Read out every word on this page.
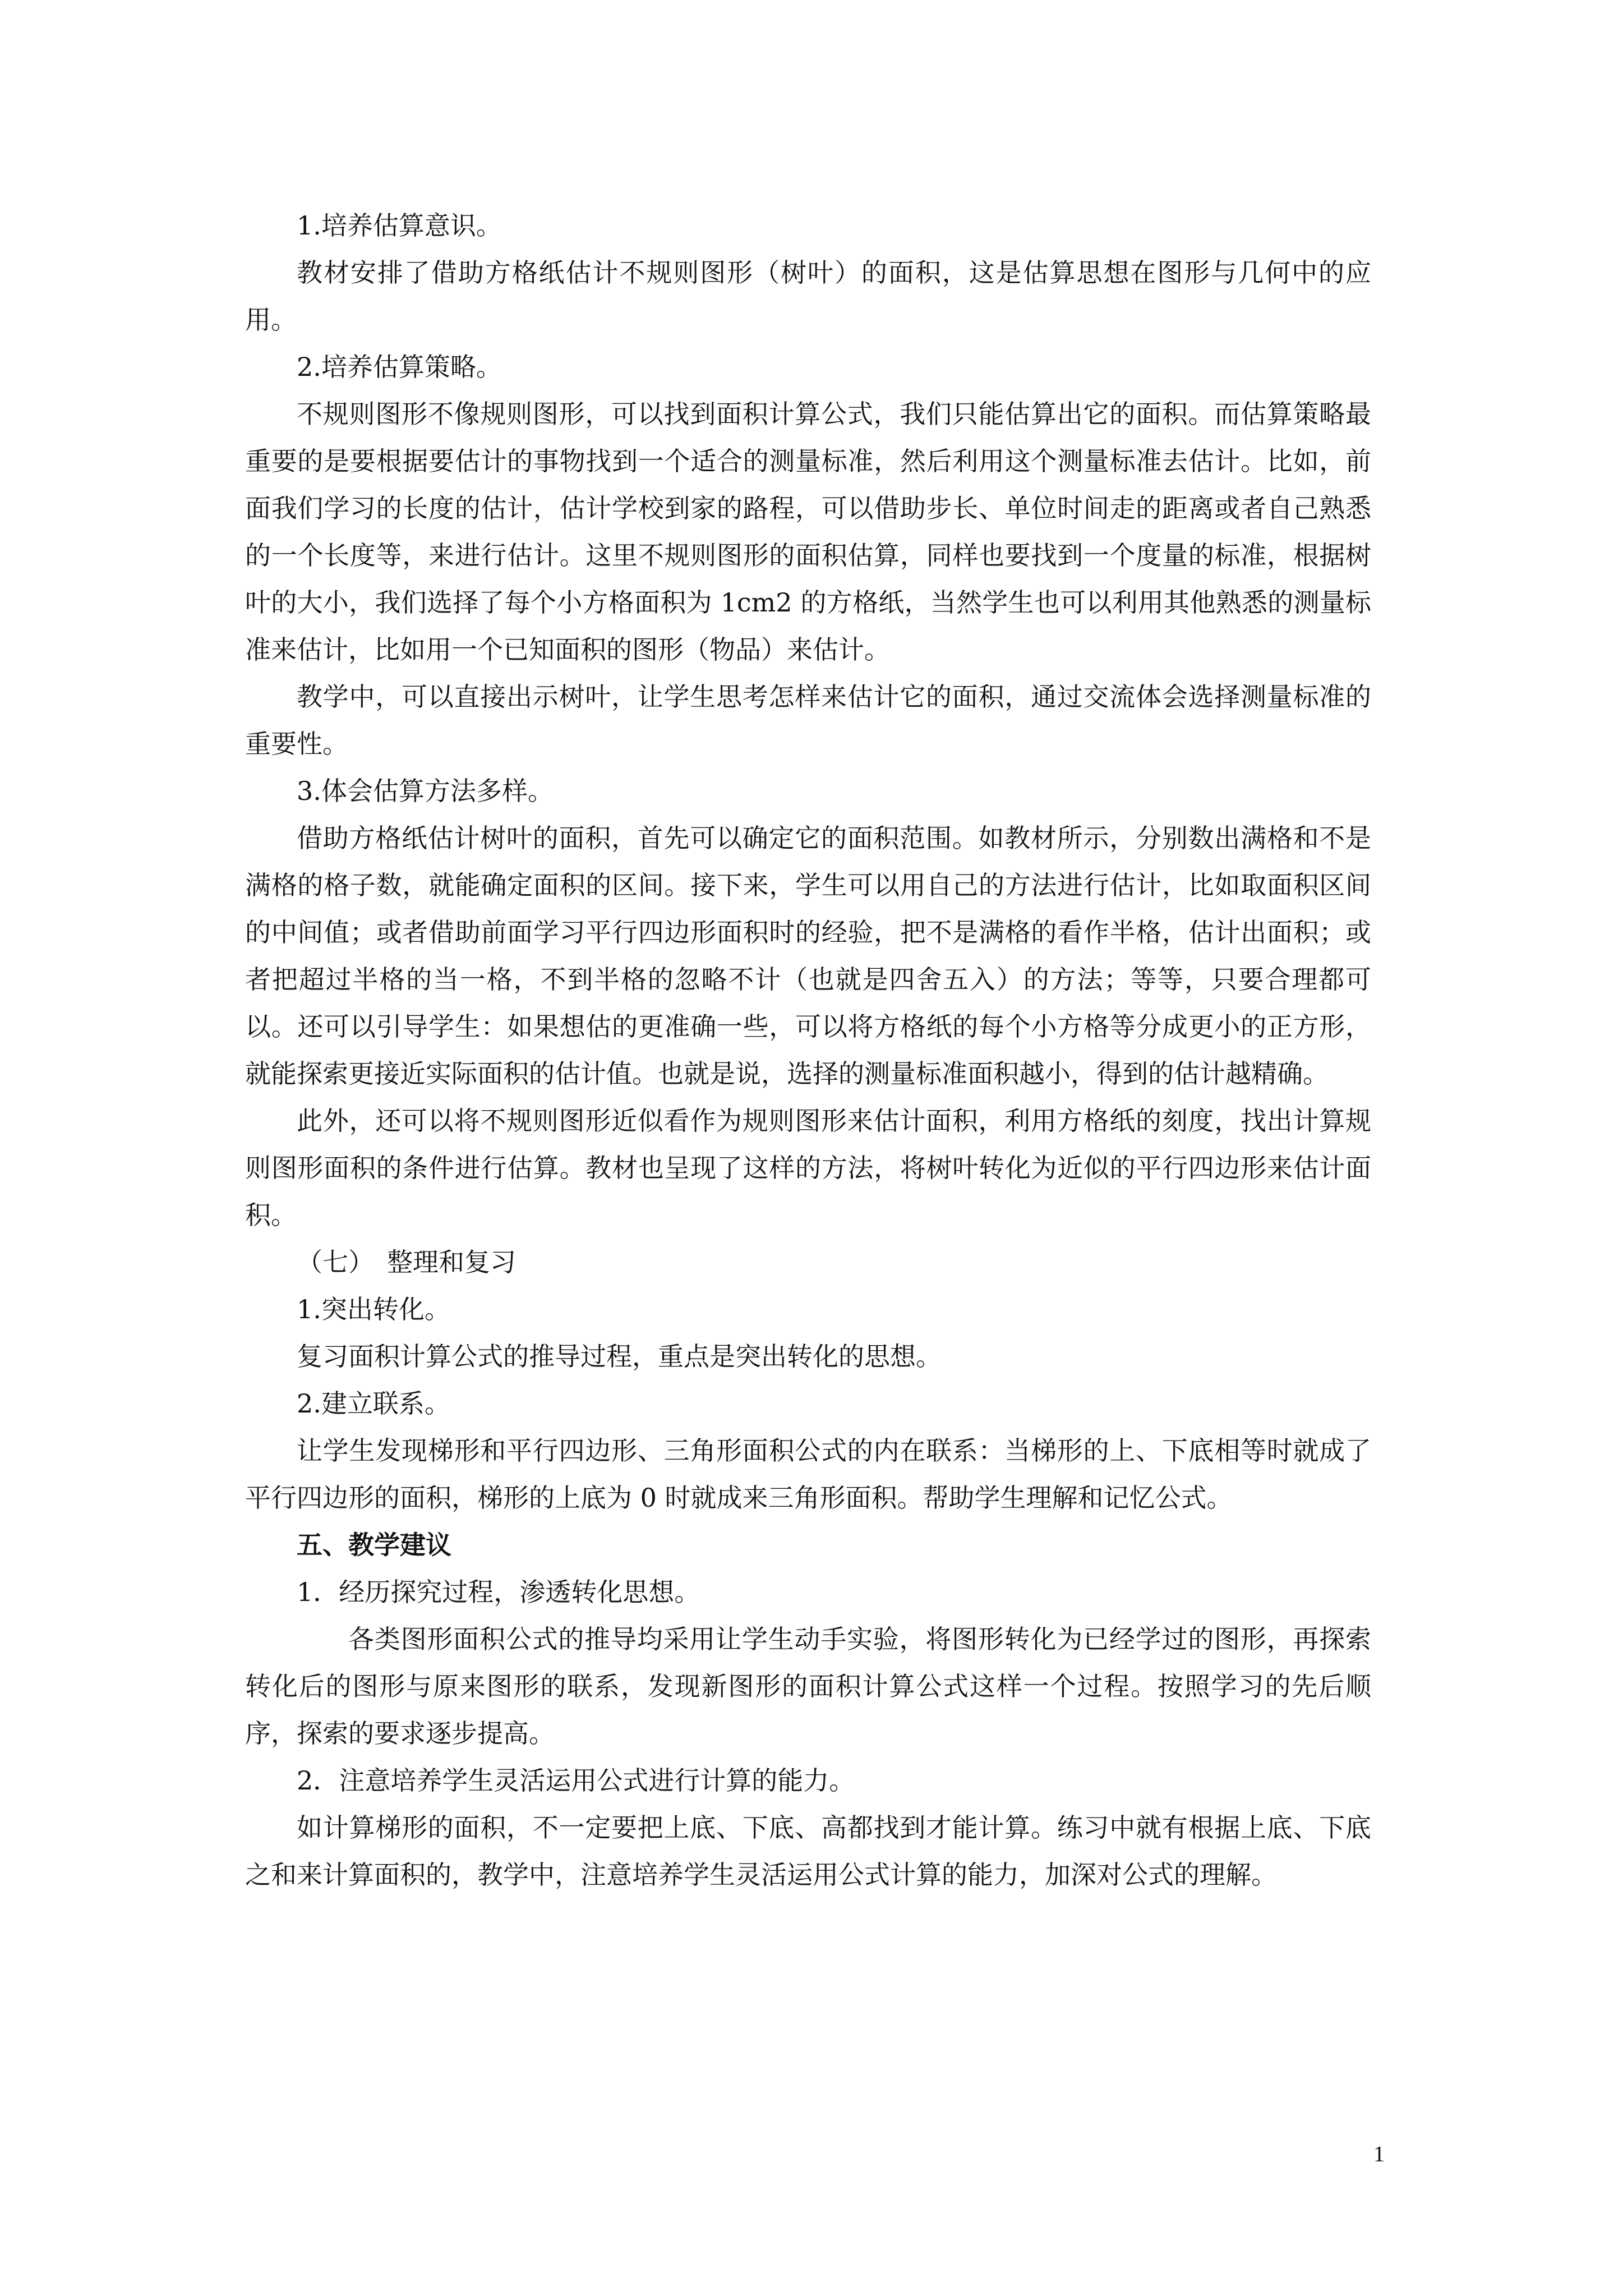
1.培养估算意识。

教材安排了借助方格纸估计不规则图形（树叶）的面积，这是估算思想在图形与几何中的应用。

2.培养估算策略。

不规则图形不像规则图形，可以找到面积计算公式，我们只能估算出它的面积。而估算策略最重要的是要根据要估计的事物找到一个适合的测量标准，然后利用这个测量标准去估计。比如，前面我们学习的长度的估计，估计学校到家的路程，可以借助步长、单位时间走的距离或者自己熟悉的一个长度等，来进行估计。这里不规则图形的面积估算，同样也要找到一个度量的标准，根据树叶的大小，我们选择了每个小方格面积为 1cm2 的方格纸，当然学生也可以利用其他熟悉的测量标准来估计，比如用一个已知面积的图形（物品）来估计。

教学中，可以直接出示树叶，让学生思考怎样来估计它的面积，通过交流体会选择测量标准的重要性。

3.体会估算方法多样。

借助方格纸估计树叶的面积，首先可以确定它的面积范围。如教材所示，分别数出满格和不是满格的格子数，就能确定面积的区间。接下来，学生可以用自己的方法进行估计，比如取面积区间的中间值；或者借助前面学习平行四边形面积时的经验，把不是满格的看作半格，估计出面积；或者把超过半格的当一格，不到半格的忽略不计（也就是四舍五入）的方法；等等，只要合理都可以。还可以引导学生：如果想估的更准确一些，可以将方格纸的每个小方格等分成更小的正方形，就能探索更接近实际面积的估计值。也就是说，选择的测量标准面积越小，得到的估计越精确。

此外，还可以将不规则图形近似看作为规则图形来估计面积，利用方格纸的刻度，找出计算规则图形面积的条件进行估算。教材也呈现了这样的方法，将树叶转化为近似的平行四边形来估计面积。

（七）　整理和复习

1.突出转化。

复习面积计算公式的推导过程，重点是突出转化的思想。

2.建立联系。

让学生发现梯形和平行四边形、三角形面积公式的内在联系：当梯形的上、下底相等时就成了平行四边形的面积，梯形的上底为 0 时就成来三角形面积。帮助学生理解和记忆公式。

五、教学建议

1．经历探究过程，渗透转化思想。

各类图形面积公式的推导均采用让学生动手实验，将图形转化为已经学过的图形，再探索转化后的图形与原来图形的联系，发现新图形的面积计算公式这样一个过程。按照学习的先后顺序，探索的要求逐步提高。

2．注意培养学生灵活运用公式进行计算的能力。

如计算梯形的面积，不一定要把上底、下底、高都找到才能计算。练习中就有根据上底、下底之和来计算面积的，教学中，注意培养学生灵活运用公式计算的能力，加深对公式的理解。

1
